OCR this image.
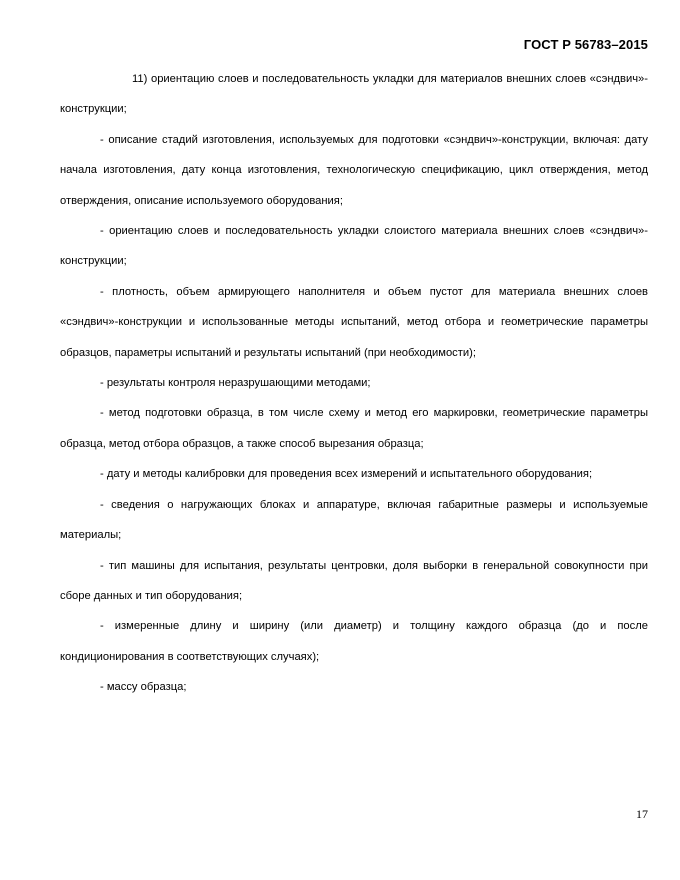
ГОСТ Р 56783–2015

11) ориентацию слоев и последовательность укладки для материалов внешних слоев «сэндвич»- конструкции;

- описание стадий изготовления, используемых для подготовки «сэндвич»-конструкции, включая: дату начала изготовления, дату конца изготовления, технологическую спецификацию, цикл отверждения, метод отверждения, описание используемого оборудования;

- ориентацию слоев и последовательность укладки слоистого материала внешних слоев «сэндвич»- конструкции;

- плотность, объем армирующего наполнителя и объем пустот для материала внешних слоев «сэндвич»-конструкции и использованные методы испытаний, метод отбора и геометрические параметры образцов, параметры испытаний и результаты испытаний (при необходимости);

- результаты контроля неразрушающими методами;

- метод подготовки образца, в том числе схему и метод его маркировки, геометрические параметры образца, метод отбора образцов, а также способ вырезания образца;

- дату и методы калибровки для проведения всех измерений и испытательного оборудования;

- сведения о нагружающих блоках и аппаратуре, включая габаритные размеры и используемые материалы;

- тип машины для испытания, результаты центровки, доля выборки в генеральной совокупности при сборе данных и тип оборудования;

- измеренные длину и ширину (или диаметр) и толщину каждого образца (до и после кондиционирования в соответствующих случаях);

- массу образца;

17
